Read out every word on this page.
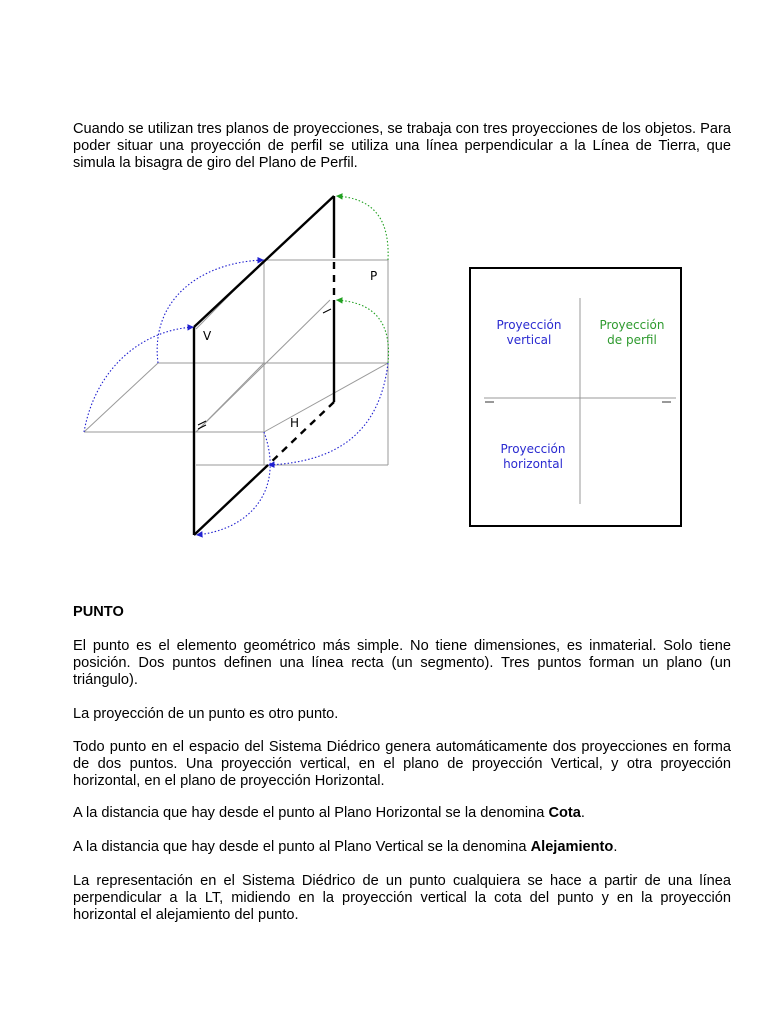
Cuando se utilizan tres planos de proyecciones, se trabaja con tres proyecciones de los objetos. Para poder situar una proyección de perfil se utiliza una línea perpendicular a la Línea de Tierra, que simula la bisagra de giro del Plano de Perfil.

P
V
H
Proyección
vertical
Proyección
de perfil
Proyección
horizontal

PUNTO

El punto es el elemento geométrico más simple. No tiene dimensiones, es inmaterial. Solo tiene posición. Dos puntos definen una línea recta (un segmento). Tres puntos forman un plano (un triángulo).

La proyección de un punto es otro punto.

Todo punto en el espacio del Sistema Diédrico genera automáticamente dos proyecciones en forma de dos puntos. Una proyección vertical, en el plano de proyección Vertical, y otra proyección horizontal, en el plano de proyección Horizontal.

A la distancia que hay desde el punto al Plano Horizontal se la denomina Cota.

A la distancia que hay desde el punto al Plano Vertical se la denomina Alejamiento.

La representación en el Sistema Diédrico de un punto cualquiera se hace a partir de una línea perpendicular a la LT, midiendo en la proyección vertical la cota del punto y en la proyección horizontal el alejamiento del punto.
